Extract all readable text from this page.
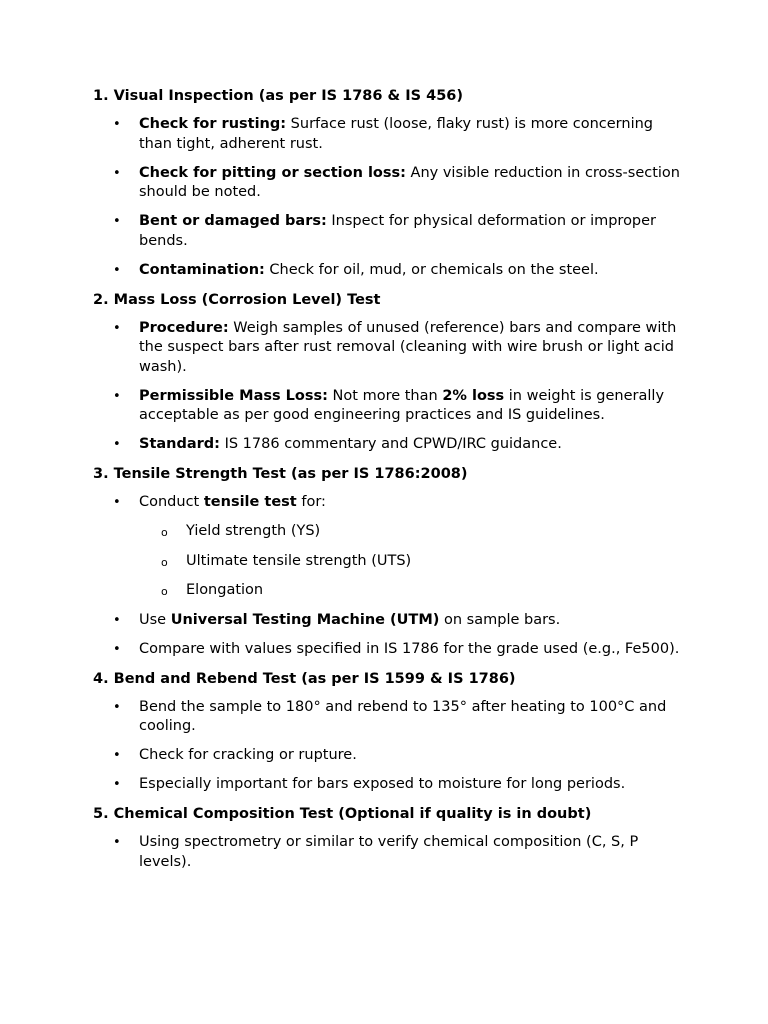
1. Visual Inspection (as per IS 1786 & IS 456)

• Check for rusting: Surface rust (loose, flaky rust) is more concerning than tight, adherent rust.
• Check for pitting or section loss: Any visible reduction in cross-section should be noted.
• Bent or damaged bars: Inspect for physical deformation or improper bends.
• Contamination: Check for oil, mud, or chemicals on the steel.

2. Mass Loss (Corrosion Level) Test

• Procedure: Weigh samples of unused (reference) bars and compare with the suspect bars after rust removal (cleaning with wire brush or light acid wash).
• Permissible Mass Loss: Not more than 2% loss in weight is generally acceptable as per good engineering practices and IS guidelines.
• Standard: IS 1786 commentary and CPWD/IRC guidance.

3. Tensile Strength Test (as per IS 1786:2008)

• Conduct tensile test for:
o Yield strength (YS)
o Ultimate tensile strength (UTS)
o Elongation
• Use Universal Testing Machine (UTM) on sample bars.
• Compare with values specified in IS 1786 for the grade used (e.g., Fe500).

4. Bend and Rebend Test (as per IS 1599 & IS 1786)

• Bend the sample to 180° and rebend to 135° after heating to 100°C and cooling.
• Check for cracking or rupture.
• Especially important for bars exposed to moisture for long periods.

5. Chemical Composition Test (Optional if quality is in doubt)

• Using spectrometry or similar to verify chemical composition (C, S, P levels).
